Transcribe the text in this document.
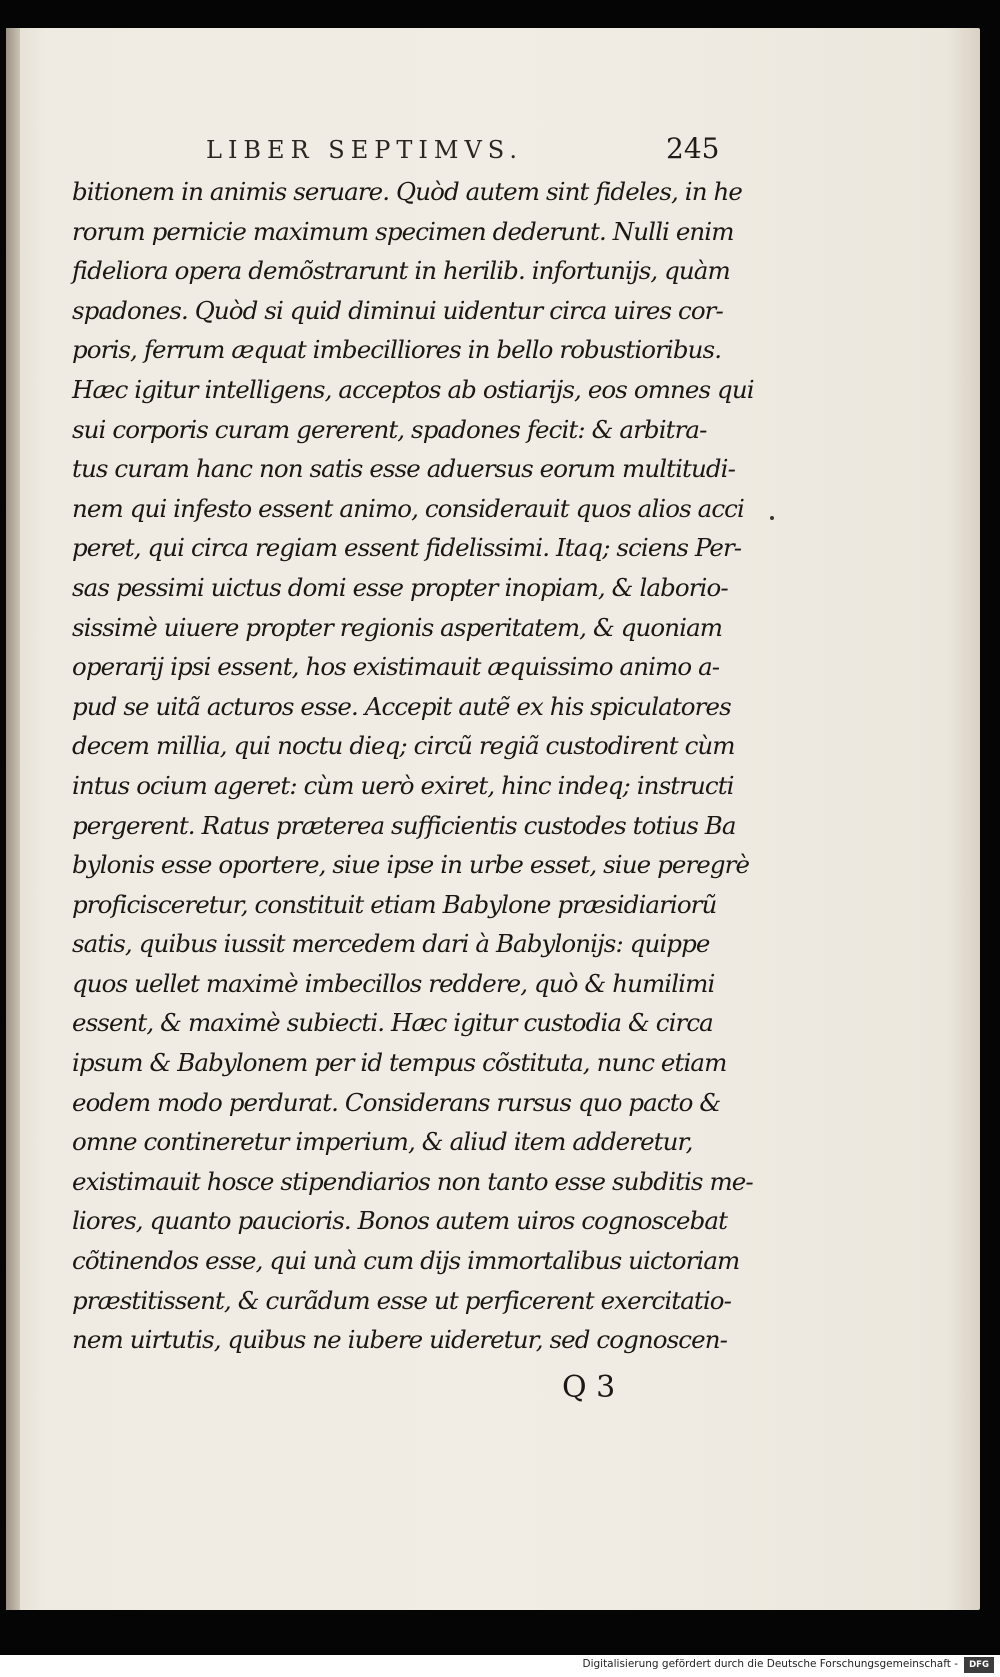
LIBER SEPTIMVS.	245
bitionem in animis seruare. Quòd autem sint fideles, in he
rorum pernicie maximum specimen dederunt. Nulli enim
fideliora opera demõstrarunt in herilib. infortunijs, quàm
spadones. Quòd si quid diminui uidentur circa uires cor-
poris, ferrum æquat imbecilliores in bello robustioribus.
Hæc igitur intelligens, acceptos ab ostiarijs, eos omnes qui
sui corporis curam gererent, spadones fecit: & arbitra-
tus curam hanc non satis esse aduersus eorum multitudi-
nem qui infesto essent animo, considerauit quos alios acci
peret, qui circa regiam essent fidelissimi. Itaq; sciens Per-
sas pessimi uictus domi esse propter inopiam, & laborio-
sissimè uiuere propter regionis asperitatem, & quoniam
operarij ipsi essent, hos existimauit æquissimo animo a-
pud se uitã acturos esse. Accepit autẽ ex his spiculatores
decem millia, qui noctu dieq; circũ regiã custodirent cùm
intus ocium ageret: cùm uerò exiret, hinc indeq; instructi
pergerent. Ratus præterea sufficientis custodes totius Ba
bylonis esse oportere, siue ipse in urbe esset, siue peregrè
proficisceretur, constituit etiam Babylone præsidiariorũ
satis, quibus iussit mercedem dari à Babylonijs: quippe
quos uellet maximè imbecillos reddere, quò & humilimi
essent, & maximè subiecti. Hæc igitur custodia & circa
ipsum & Babylonem per id tempus cõstituta, nunc etiam
eodem modo perdurat. Considerans rursus quo pacto &
omne contineretur imperium, & aliud item adderetur,
existimauit hosce stipendiarios non tanto esse subditis me-
liores, quanto paucioris. Bonos autem uiros cognoscebat
cõtinendos esse, qui unà cum dijs immortalibus uictoriam
præstitissent, & curãdum esse ut perficerent exercitatio-
nem uirtutis, quibus ne iubere uideretur, sed cognoscen-
Q 3
Digitalisierung gefördert durch die Deutsche Forschungsgemeinschaft -	DFG
